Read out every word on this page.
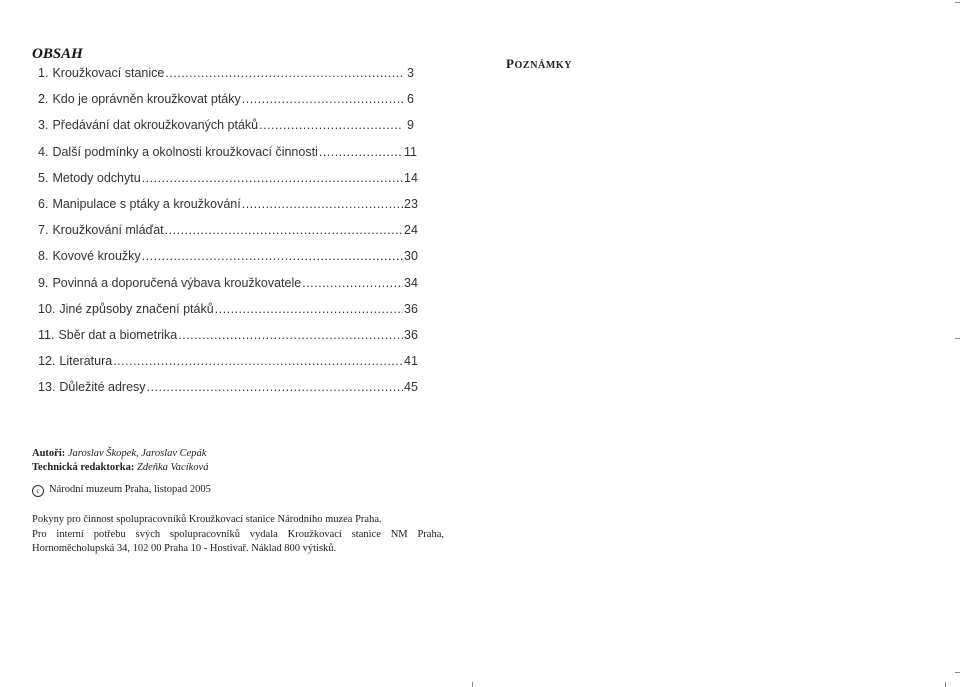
OBSAH
1. Kroužkovací stanice .....	3
2. Kdo je oprávněn kroužkovat ptáky .....	6
3. Předávání dat okroužkovaných ptáků .....	9
4. Další podmínky a okolnosti kroužkovací činnosti .....	11
5. Metody odchytu .....	14
6. Manipulace s ptáky a kroužkování .....	23
7. Kroužkování mláďat .....	24
8. Kovové kroužky .....	30
9. Povinná a doporučená výbava kroužkovatele .....	34
10. Jiné způsoby značení ptáků .....	36
11. Sběr dat a biometrika .....	36
12. Literatura .....	41
13. Důležité adresy .....	45
POZNÁMKY
Autoři: Jaroslav Škopek, Jaroslav Cepák
Technická redaktorka: Zdeňka Vacíková
c Národní muzeum Praha, listopad 2005
Pokyny pro činnost spolupracovníků Kroužkovací stanice Národního muzea Praha.
Pro interní potřebu svých spolupracovníků vydala Kroužkovací stanice NM Praha,
Hornoměcholupská 34, 102 00 Praha 10 - Hostivař. Náklad 800 výtisků.
